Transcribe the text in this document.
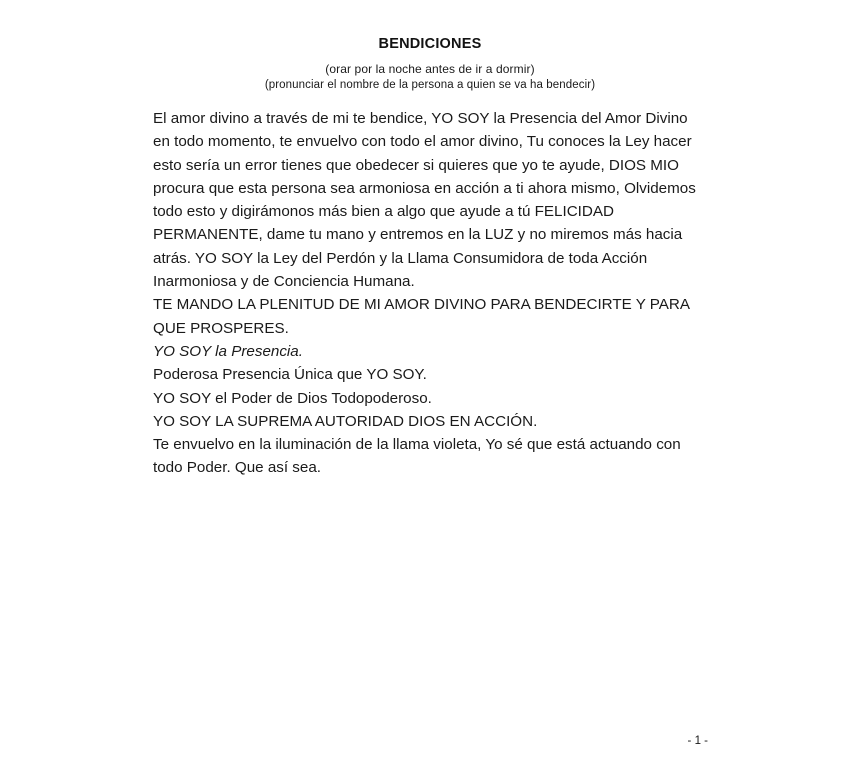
BENDICIONES
(orar por la noche antes de ir a dormir)
(pronunciar el nombre de la persona a quien se va ha bendecir)

El amor divino a través de mi te bendice, YO SOY la Presencia del Amor Divino en todo momento, te envuelvo con todo el amor divino, Tu conoces la Ley hacer esto sería un error tienes que obedecer si quieres que yo te ayude, DIOS MIO procura que esta persona sea armoniosa en acción a ti ahora mismo, Olvidemos todo esto y digirámonos más bien a algo que ayude a tú FELICIDAD PERMANENTE, dame tu mano y entremos en la LUZ y no miremos más hacia atrás. YO SOY la Ley del Perdón y la Llama Consumidora de toda Acción Inarmoniosa y de Conciencia Humana.

TE MANDO LA PLENITUD DE MI AMOR DIVINO PARA BENDECIRTE Y PARA QUE PROSPERES.

YO SOY la Presencia.

Poderosa Presencia Única que YO SOY.

YO SOY el Poder de Dios Todopoderoso.

YO SOY LA SUPREMA AUTORIDAD DIOS EN ACCIÓN.

Te envuelvo en la iluminación de la llama violeta, Yo sé que está actuando con todo Poder. Que así sea.

- 1 -
